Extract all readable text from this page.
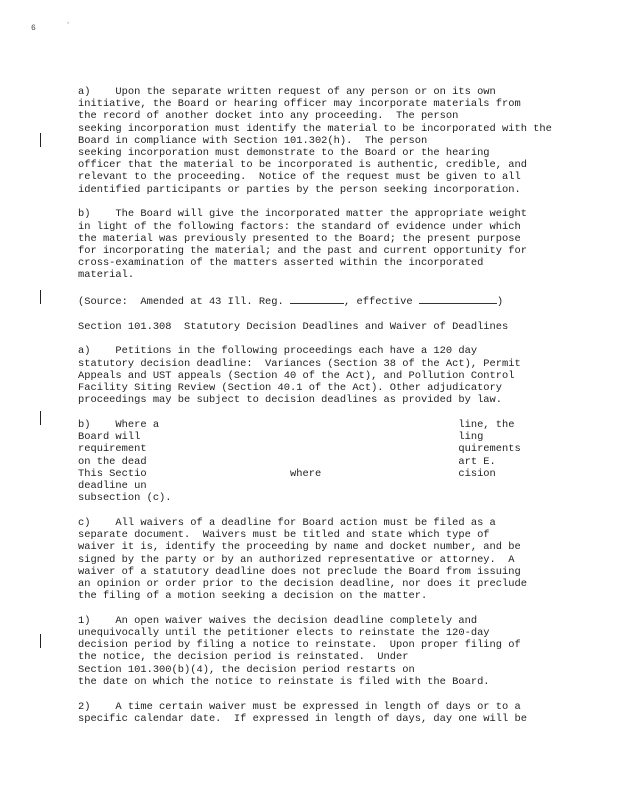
6	*
a)    Upon the separate written request of any person or on its own
initiative, the Board or hearing officer may incorporate materials from
the record of another docket into any proceeding.  The person
seeking incorporation must identify the material to be incorporated with the
Board in compliance with Section 101.302(h).  The person
seeking incorporation must demonstrate to the Board or the hearing
officer that the material to be incorporated is authentic, credible, and
relevant to the proceeding.  Notice of the request must be given to all
identified participants or parties by the person seeking incorporation.
b)    The Board will give the incorporated matter the appropriate weight
in light of the following factors: the standard of evidence under which
the material was previously presented to the Board; the present purpose
for incorporating the material; and the past and current opportunity for
cross-examination of the matters asserted within the incorporated
material.
(Source:  Amended at 43 Ill. Reg.	, effective	)
Section 101.308  Statutory Decision Deadlines and Waiver of Deadlines
a)    Petitions in the following proceedings each have a 120 day
statutory decision deadline:  Variances (Section 38 of the Act), Permit
Appeals and UST appeals (Section 40 of the Act), and Pollution Control
Facility Siting Review (Section 40.1 of the Act). Other adjudicatory
proceedings may be subject to decision deadlines as provided by law.
b)    Where a                                                line, the
Board will                                                   ling
requirement                                                  quirements
on the dead                                                  art E.
This Sectio                       where                      cision
deadline un
subsection (c).
c)    All waivers of a deadline for Board action must be filed as a
separate document.  Waivers must be titled and state which type of
waiver it is, identify the proceeding by name and docket number, and be
signed by the party or by an authorized representative or attorney.  A
waiver of a statutory deadline does not preclude the Board from issuing
an opinion or order prior to the decision deadline, nor does it preclude
the filing of a motion seeking a decision on the matter.
1)    An open waiver waives the decision deadline completely and
unequivocally until the petitioner elects to reinstate the 120-day
decision period by filing a notice to reinstate.  Upon proper filing of
the notice, the decision period is reinstated.  Under
Section 101.300(b)(4), the decision period restarts on
the date on which the notice to reinstate is filed with the Board.
2)    A time certain waiver must be expressed in length of days or to a
specific calendar date.  If expressed in length of days, day one will be
